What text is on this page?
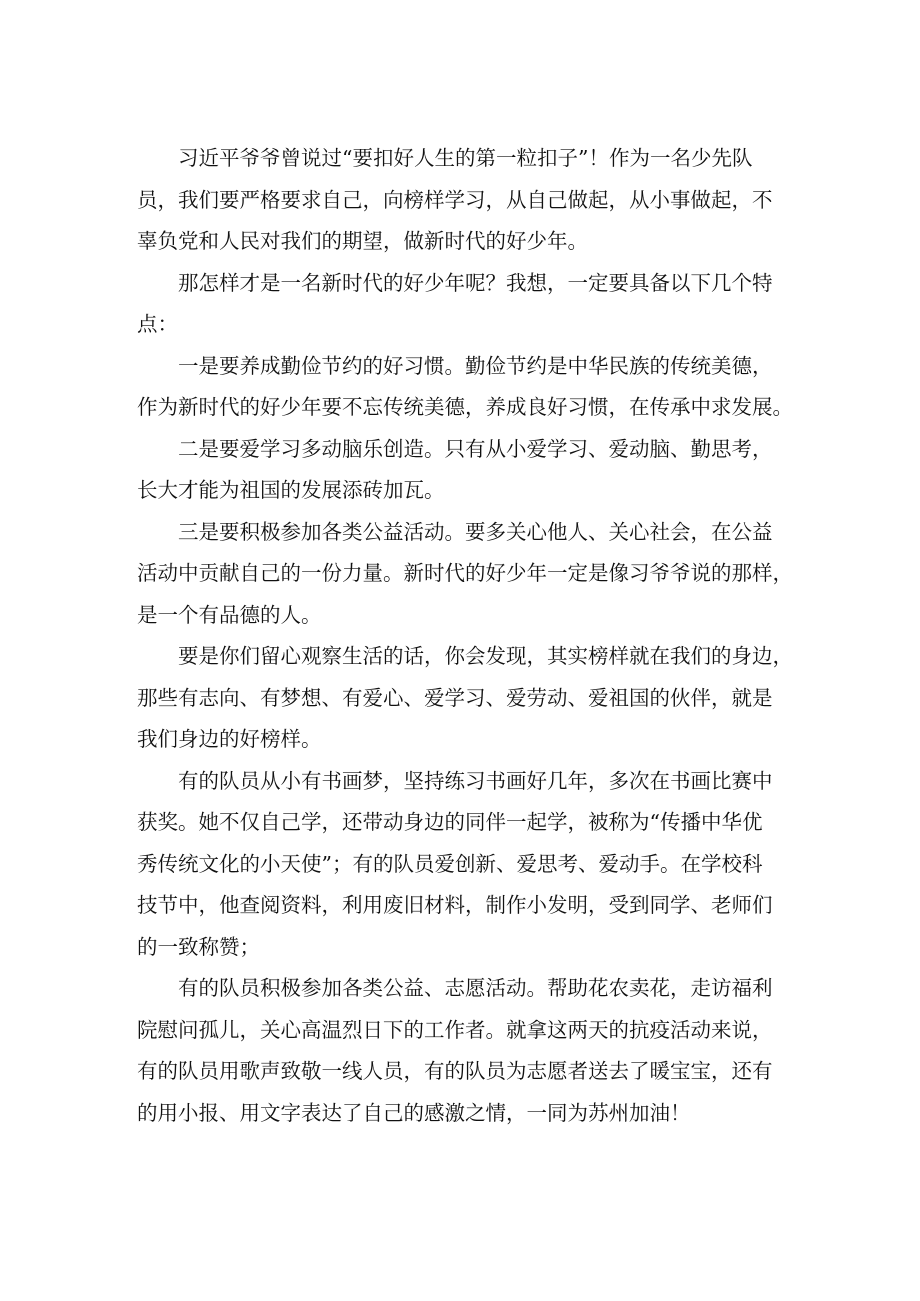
习近平爷爷曾说过“要扣好人生的第一粒扣子”！作为一名少先队
员，我们要严格要求自己，向榜样学习，从自己做起，从小事做起，不
辜负党和人民对我们的期望，做新时代的好少年。
那怎样才是一名新时代的好少年呢？我想，一定要具备以下几个特
点：
一是要养成勤俭节约的好习惯。勤俭节约是中华民族的传统美德，
作为新时代的好少年要不忘传统美德，养成良好习惯，在传承中求发展。
二是要爱学习多动脑乐创造。只有从小爱学习、爱动脑、勤思考，
长大才能为祖国的发展添砖加瓦。
三是要积极参加各类公益活动。要多关心他人、关心社会，在公益
活动中贡献自己的一份力量。新时代的好少年一定是像习爷爷说的那样，
是一个有品德的人。
要是你们留心观察生活的话，你会发现，其实榜样就在我们的身边，
那些有志向、有梦想、有爱心、爱学习、爱劳动、爱祖国的伙伴，就是
我们身边的好榜样。
有的队员从小有书画梦，坚持练习书画好几年，多次在书画比赛中
获奖。她不仅自己学，还带动身边的同伴一起学，被称为“传播中华优
秀传统文化的小天使”；有的队员爱创新、爱思考、爱动手。在学校科
技节中，他查阅资料，利用废旧材料，制作小发明，受到同学、老师们
的一致称赞；
有的队员积极参加各类公益、志愿活动。帮助花农卖花，走访福利
院慰问孤儿，关心高温烈日下的工作者。就拿这两天的抗疫活动来说，
有的队员用歌声致敬一线人员，有的队员为志愿者送去了暖宝宝，还有
的用小报、用文字表达了自己的感激之情，一同为苏州加油！
